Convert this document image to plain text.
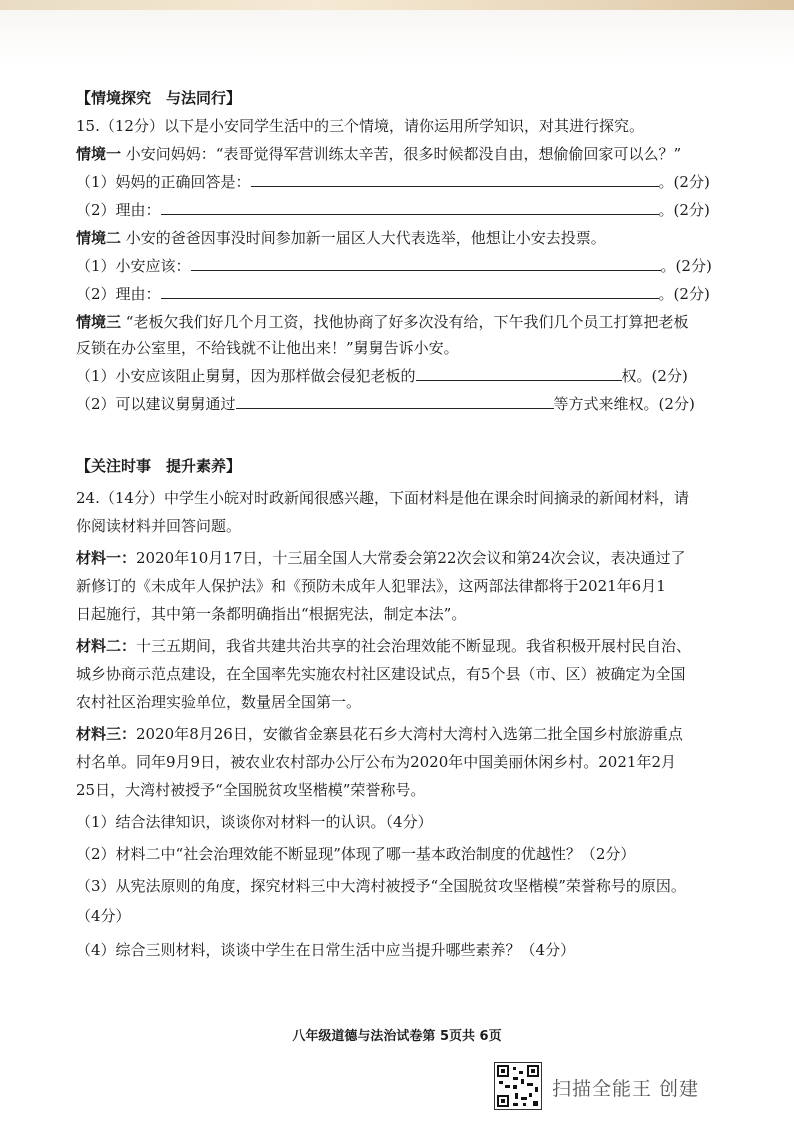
【情境探究　与法同行】
15.（12分）以下是小安同学生活中的三个情境，请你运用所学知识，对其进行探究。
情境一 小安问妈妈：“表哥觉得军营训练太辛苦，很多时候都没自由，想偷偷回家可以么？”
（1）妈妈的正确回答是：	。(2分)
（2）理由：	。(2分)
情境二 小安的爸爸因事没时间参加新一届区人大代表选举，他想让小安去投票。
（1）小安应该：	。(2分)
（2）理由：	。(2分)
情境三 “老板欠我们好几个月工资，找他协商了好多次没有给，下午我们几个员工打算把老板
反锁在办公室里，不给钱就不让他出来！”舅舅告诉小安。
（1）小安应该阻止舅舅，因为那样做会侵犯老板的	权。(2分)
（2）可以建议舅舅通过	等方式来维权。(2分)
【关注时事　提升素养】
24.（14分）中学生小皖对时政新闻很感兴趣，下面材料是他在课余时间摘录的新闻材料，请
你阅读材料并回答问题。
材料一：2020年10月17日，十三届全国人大常委会第22次会议和第24次会议，表决通过了
新修订的《未成年人保护法》和《预防未成年人犯罪法》，这两部法律都将于2021年6月1
日起施行，其中第一条都明确指出“根据宪法，制定本法”。
材料二：十三五期间，我省共建共治共享的社会治理效能不断显现。我省积极开展村民自治、
城乡协商示范点建设，在全国率先实施农村社区建设试点，有5个县（市、区）被确定为全国
农村社区治理实验单位，数量居全国第一。
材料三：2020年8月26日，安徽省金寨县花石乡大湾村大湾村入选第二批全国乡村旅游重点
村名单。同年9月9日，被农业农村部办公厅公布为2020年中国美丽休闲乡村。2021年2月
25日，大湾村被授予“全国脱贫攻坚楷模”荣誉称号。
（1）结合法律知识，谈谈你对材料一的认识。（4分）
（2）材料二中“社会治理效能不断显现”体现了哪一基本政治制度的优越性？（2分）
（3）从宪法原则的角度，探究材料三中大湾村被授予“全国脱贫攻坚楷模”荣誉称号的原因。
（4分）
（4）综合三则材料，谈谈中学生在日常生活中应当提升哪些素养？（4分）
八年级道德与法治试卷第 5页共 6页
扫描全能王 创建
